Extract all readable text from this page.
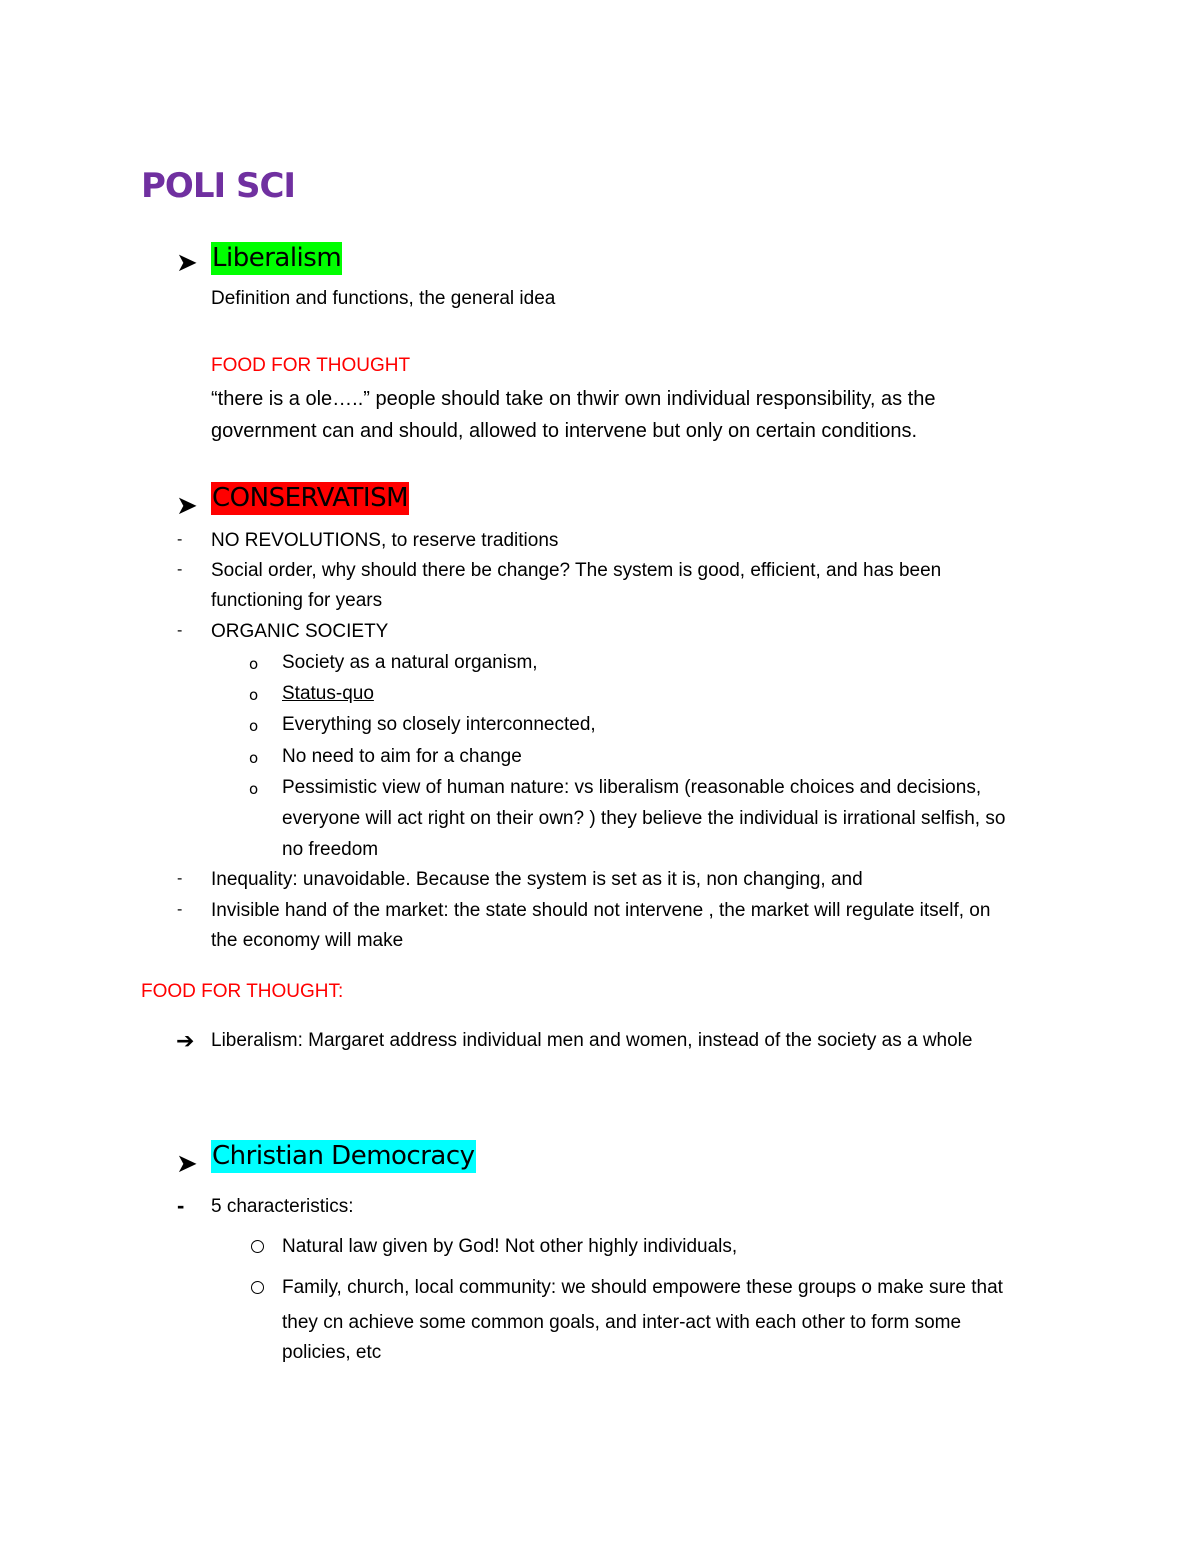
POLI SCI
➤ Liberalism
Definition and functions, the general idea
FOOD FOR THOUGHT
“there is a ole…..” people should take on thwir own individual responsibility, as the
government can and should, allowed to intervene but only on certain conditions.
➤ CONSERVATISM
- NO REVOLUTIONS, to reserve traditions
- Social order, why should there be change? The system is good, efficient, and has been
functioning for years
- ORGANIC SOCIETY
o Society as a natural organism,
o Status-quo
o Everything so closely interconnected,
o No need to aim for a change
o Pessimistic view of human nature: vs liberalism (reasonable choices and decisions,
everyone will act right on their own? ) they believe the individual is irrational selfish, so
no freedom
- Inequality: unavoidable. Because the system is set as it is, non changing, and
- Invisible hand of the market: the state should not intervene , the market will regulate itself, on
the economy will make
FOOD FOR THOUGHT:
➔ Liberalism: Margaret address individual men and women, instead of the society as a whole
➤ Christian Democracy
- 5 characteristics:
Natural law given by God! Not other highly individuals,
Family, church, local community: we should empowere these groups o make sure that
they cn achieve some common goals, and inter-act with each other to form some
policies, etc
